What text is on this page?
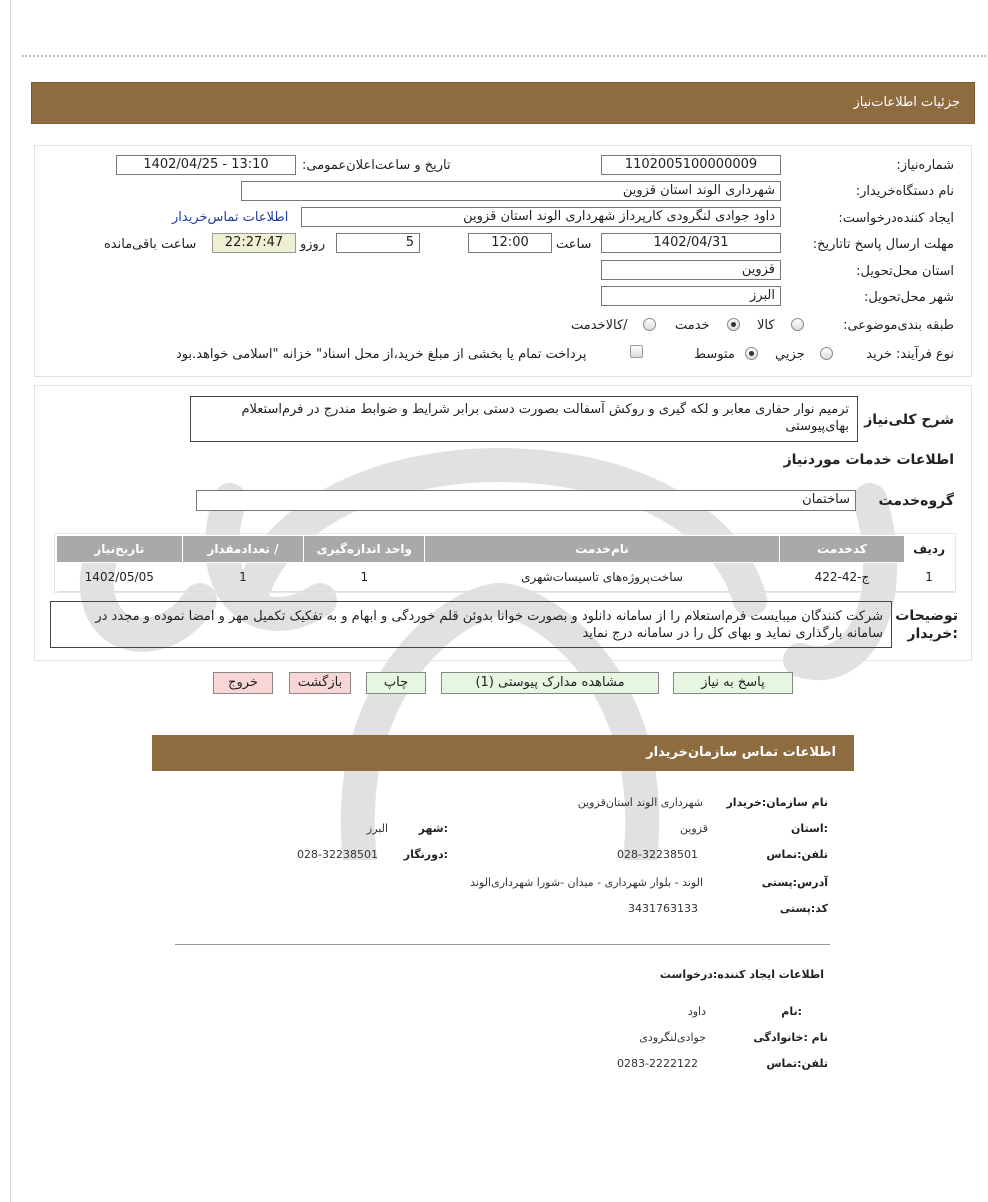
جزئیات اطلاعات‌نیاز
شماره‌نیاز:
1102005100000009
تاریخ و ساعت‌اعلان‌عمومی:
1402/04/25 - 13:10
نام دستگاه‌خریدار:
شهرداری الوند استان قزوین
ایجاد کننده‌درخواست:
داود جوادی لنگرودی کارپرداز شهرداری الوند استان قزوین
اطلاعات تماس‌خریدار
مهلت ارسال پاسخ تا‌تاریخ:
1402/04/31
ساعت
12:00
5
روزو
22:27:47
ساعت باقی‌مانده
استان محل‌تحویل:
قزوین
شهر محل‌تحویل:
البرز
طبقه بندی‌موضوعی:
کالا
خدمت
/کالاخدمت
نوع فرآیند: خرید
جزیي
متوسط
پرداخت تمام یا بخشی از مبلغ خرید،از محل اسناد" خزانه "اسلامی خواهد.بود
شرح کلی‌نیاز
ترمیم نوار حفاری معابر و لکه گیری و روکش آسفالت بصورت دستی برابر شرایط و ضوابط مندرج در فرم‌استعلام بهای‌پیوستی
اطلاعات خدمات موردنیاز
گروه‌خدمت
ساختمان
ردیف	کدخدمت	نام‌خدمت	واحد اندازه‌گیری	/ تعدادمقدار	تاریخ‌نیاز
1	ج-42-422	ساخت‌پروژه‌های تاسیسات‌شهری	1	1	1402/05/05
توضیحات
:خریدار
شرکت کنندگان میبایست فرم‌استعلام را از سامانه دانلود و بصورت خوانا بدوئن قلم خوردگی و ابهام و به تفکیک تکمیل مهر و امضا نموده و مجدد در سامانه بارگذاری نماید و بهای کل را در سامانه درج نماید
پاسخ به نیاز
مشاهده مدارک پیوستی (1)
چاپ
بازگشت
خروج
اطلاعات تماس سازمان‌خریدار
نام سازمان:خریدار
شهرداری الوند استان‌قزوین
:استان
قزوین
:شهر
البرز
تلفن:تماس
028-32238501
:دورنگار
028-32238501
آدرس:پستی
الوند - بلوار شهرداری - میدان -شورا شهرداری‌الوند
کد:پستی
3431763133
اطلاعات ایجاد کننده:درخواست
:نام
داود
نام :خانوادگی
جوادی‌لنگرودی
تلفن:تماس
0283-2222122
